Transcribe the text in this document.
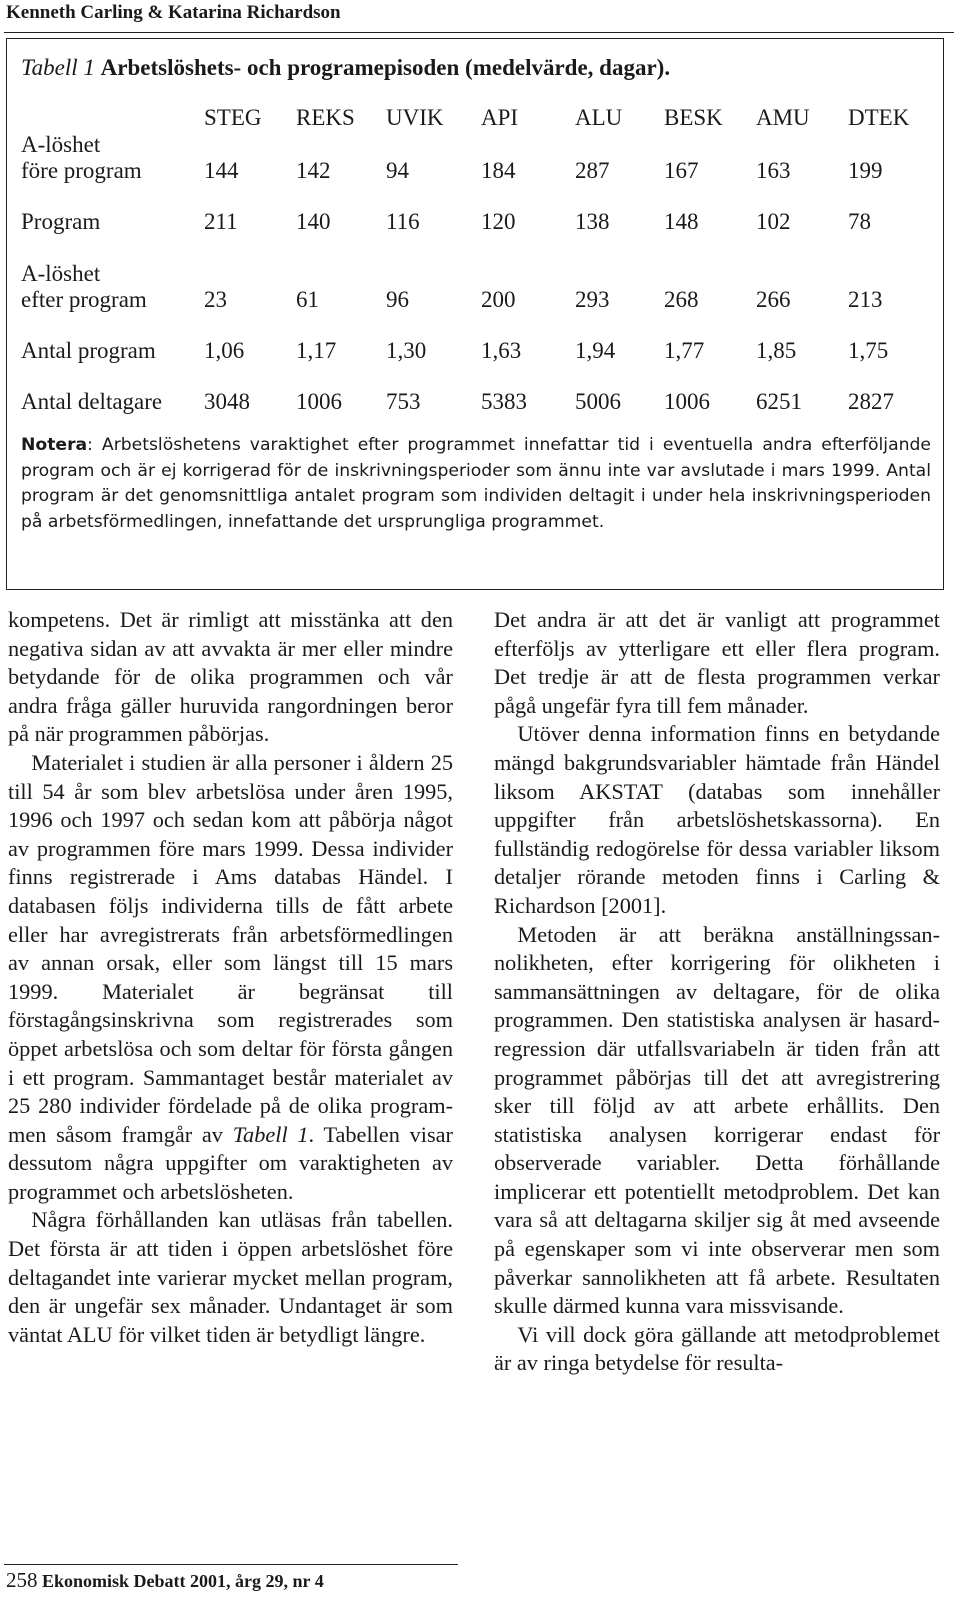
Kenneth Carling & Katarina Richardson
Tabell 1 Arbetslöshets- och programepisoden (medelvärde, dagar).
STEG REKS UVIK API ALU BESK AMU DTEK
A-löshet
före program	144	142 94	184	287 167	163	199
Program	211	140 116	120	138 148	102	78
A-löshet
efter program 23	61	96	200	293 268	266	213
Antal program 1,06 1,17 1,30 1,63 1,94 1,77 1,85 1,75
Antal deltagare 3048 1006 753	5383 5006 1006 6251 2827
Notera: Arbetslöshetens varaktighet efter programmet innefattar tid i eventuella andra efterföljande program och är ej korrigerad för de inskrivningsperioder som ännu inte var avslutade i mars 1999. Antal program är det genomsnittliga antalet program som individen deltagit i under hela inskrivningsperioden på arbetsförmedlingen, innefattande det ursprungliga programmet.

kompetens. Det är rimligt att misstänka att den negativa sidan av att avvakta är mer eller mindre betydande för de olika programmen och vår andra fråga gäller huruvida rangordningen beror på när programmen påbörjas.

Materialet i studien är alla personer i åldern 25 till 54 år som blev arbetslösa under åren 1995, 1996 och 1997 och sedan kom att påbörja något av programmen före mars 1999. Dessa individer finns registrerade i Ams databas Händel. I databasen följs individerna tills de fått arbete eller har avregistrerats från arbetsförmedlingen av annan orsak, eller som längst till 15 mars 1999. Materialet är begränsat till förstagångsinskrivna som registrerades som öppet arbetslösa och som deltar för första gången i ett program. Sammantaget består materialet av 25 280 individer fördelade på de olika programmen såsom framgår av Tabell 1. Tabellen visar dessutom några uppgifter om varaktigheten av programmet och arbetslösheten.

Några förhållanden kan utläsas från tabellen. Det första är att tiden i öppen arbetslöshet före deltagandet inte varierar mycket mellan program, den är ungefär sex månader. Undantaget är som väntat ALU för vilket tiden är betydligt längre.

Det andra är att det är vanligt att programmet efterföljs av ytterligare ett eller flera program. Det tredje är att de flesta programmen verkar pågå ungefär fyra till fem månader.

Utöver denna information finns en betydande mängd bakgrundsvariabler hämtade från Händel liksom AKSTAT (databas som innehåller uppgifter från arbetslöshetskassorna). En fullständig redogörelse för dessa variabler liksom detaljer rörande metoden finns i Carling & Richardson [2001].

Metoden är att beräkna anställningssannolikheten, efter korrigering för olikheten i sammansättningen av deltagare, för de olika programmen. Den statistiska analysen är hasard-regression där utfallsvariabeln är tiden från att programmet påbörjas till det att avregistrering sker till följd av att arbete erhållits. Den statistiska analysen korrigerar endast för observerade variabler. Detta förhållande implicerar ett potentiellt metodproblem. Det kan vara så att deltagarna skiljer sig åt med avseende på egenskaper som vi inte observerar men som påverkar sannolikheten att få arbete. Resultaten skulle därmed kunna vara missvisande.

Vi vill dock göra gällande att metodproblemet är av ringa betydelse för resulta-

258 Ekonomisk Debatt 2001, årg 29, nr 4
